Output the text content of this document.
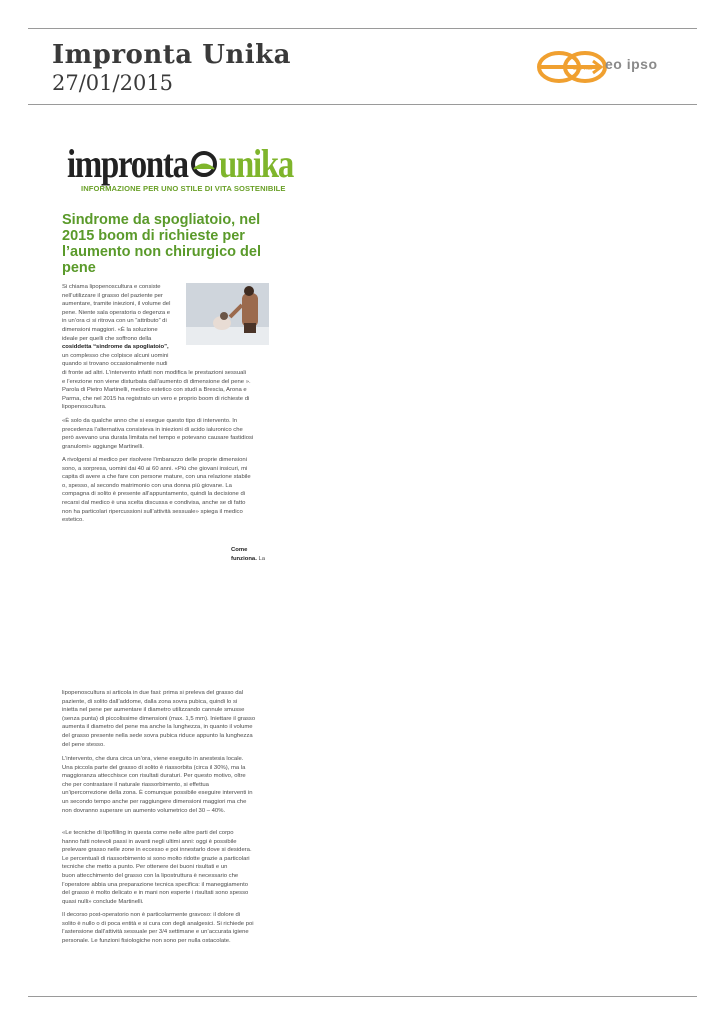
Impronta Unika
27/01/2015
since 1988 eo ipso
impronta unika
INFORMAZIONE PER UNO STILE DI VITA SOSTENIBILE
Sindrome da spogliatoio, nel 2015 boom di richieste per l’aumento non chirurgico del pene
Si chiama lipopenoscultura e consiste
nell’utilizzare il grasso del paziente per
aumentare, tramite iniezioni, il volume del
pene. Niente sala operatoria o degenza e
in un’ora ci si ritrova con un “attributo” di
dimensioni maggiori. «È la soluzione
ideale per quelli che soffrono della
cosiddetta “sindrome da spogliatoio”,
un complesso che colpisce alcuni uomini
quando si trovano occasionalmente nudi
di fronte ad altri. L’intervento infatti non modifica le prestazioni sessuali
e l’erezione non viene disturbata dall’aumento di dimensione del pene ».
Parola di Pietro Martinelli, medico estetico con studi a Brescia, Arona e
Parma, che nel 2015 ha registrato un vero e proprio boom di richieste di
lipopenoscultura.
«È solo da qualche anno che si esegue questo tipo di intervento. In
precedenza l’alternativa consisteva in iniezioni di acido ialuronico che
però avevano una durata limitata nel tempo e potevano causare fastidiosi
granulomi» aggiunge Martinelli.
A rivolgersi al medico per risolvere l’imbarazzo delle proprie dimensioni
sono, a sorpresa, uomini dai 40 ai 60 anni. «Più che giovani insicuri, mi
capita di avere a che fare con persone mature, con una relazione stabile
o, spesso, al secondo matrimonio con una donna più giovane. La
compagna di solito è presente all’appuntamento, quindi la decisione di
recarsi dal medico è una scelta discussa e condivisa, anche se di fatto
non ha particolari ripercussioni sull’attività sessuale» spiega il medico
estetico.
Come
funziona. La
lipopenoscultura si articola in due fasi: prima si preleva del grasso dal
paziente, di solito dall’addome, dalla zona sovra pubica, quindi lo si
inietta nel pene per aumentare il diametro utilizzando cannule smusse
(senza punta) di piccolissime dimensioni (max. 1,5 mm). Iniettare il grasso
aumenta il diametro del pene ma anche la lunghezza, in quanto il volume
del grasso presente nella sede sovra pubica riduce appunto la lunghezza
del pene stesso.
L’intervento, che dura circa un’ora, viene eseguito in anestesia locale.
Una piccola parte del grasso di solito è riassorbita (circa il 30%), ma la
maggioranza attecchisce con risultati duraturi. Per questo motivo, oltre
che per contrastare il naturale riassorbimento, si effettua
un’ipercorrezione della zona. È comunque possibile eseguire interventi in
un secondo tempo anche per raggiungere dimensioni maggiori ma che
non dovranno superare un aumento volumetrico del 30 – 40%.
«Le tecniche di lipofilling in questa come nelle altre parti del corpo
hanno fatti notevoli passi in avanti negli ultimi anni: oggi è possibile
prelevare grasso nelle zone in eccesso e poi innestarlo dove si desidera.
Le percentuali di riassorbimento si sono molto ridotte grazie a particolari
tecniche che metto a punto. Per ottenere dei buoni risultati e un
buon attecchimento del grasso con la lipostruttura è necessario che
l’operatore abbia una preparazione tecnica specifica: il maneggiamento
del grasso è molto delicato e in mani non esperte i risultati sono spesso
quasi nulli» conclude Martinelli.
Il decorso post-operatorio non è particolarmente gravoso: il dolore di
solito è nullo o di poca entità e si cura con degli analgesici. Si richiede poi
l’astensione dall’attività sessuale per 3/4 settimane e un’accurata igiene
personale. Le funzioni fisiologiche non sono per nulla ostacolate.
